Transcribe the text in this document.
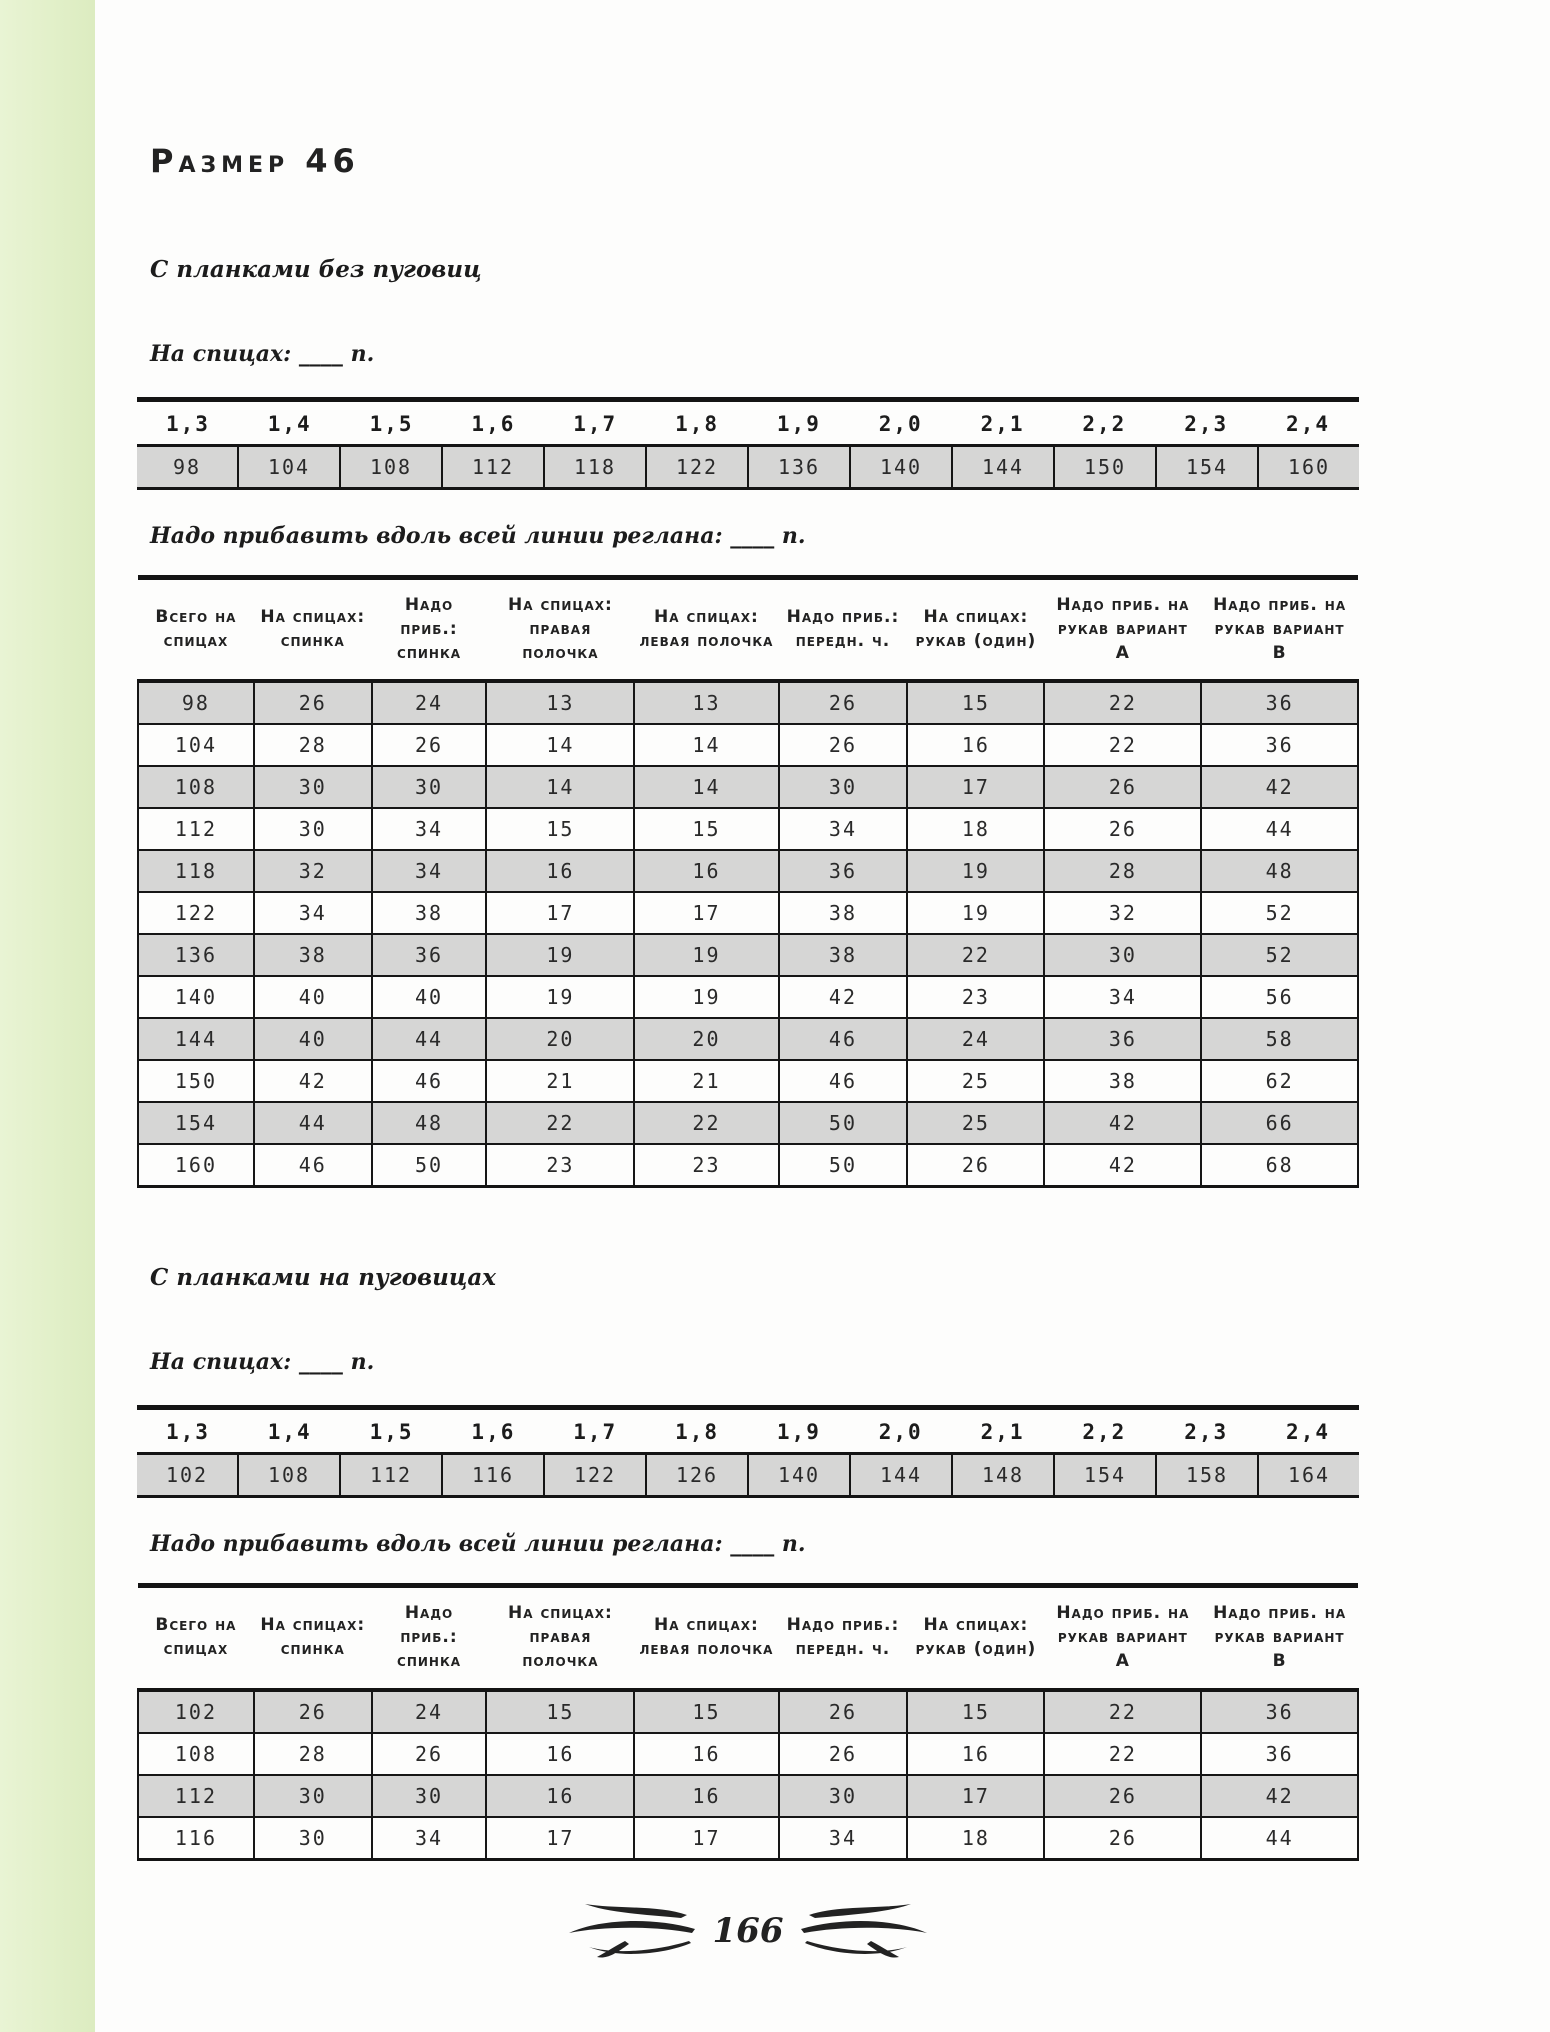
Размер 46
С планками без пуговиц
На спицах: ____ п.
1,3	1,4	1,5	1,6	1,7	1,8	1,9	2,0	2,1	2,2	2,3	2,4
98	104	108	112	118	122	136	140	144	150	154	160
Надо прибавить вдоль всей линии реглана: ____ п.
Всего на спицах	На спицах: спинка	Надо приб.: спинка	На спицах: правая полочка	На спицах: левая полочка	Надо приб.: передн. ч.	На спицах: рукав (один)	Надо приб. на рукав вариант А	Надо приб. на рукав вариант В
98	26	24	13	13	26	15	22	36
104	28	26	14	14	26	16	22	36
108	30	30	14	14	30	17	26	42
112	30	34	15	15	34	18	26	44
118	32	34	16	16	36	19	28	48
122	34	38	17	17	38	19	32	52
136	38	36	19	19	38	22	30	52
140	40	40	19	19	42	23	34	56
144	40	44	20	20	46	24	36	58
150	42	46	21	21	46	25	38	62
154	44	48	22	22	50	25	42	66
160	46	50	23	23	50	26	42	68
С планками на пуговицах
На спицах: ____ п.
1,3	1,4	1,5	1,6	1,7	1,8	1,9	2,0	2,1	2,2	2,3	2,4
102	108	112	116	122	126	140	144	148	154	158	164
Надо прибавить вдоль всей линии реглана: ____ п.
Всего на спицах	На спицах: спинка	Надо приб.: спинка	На спицах: правая полочка	На спицах: левая полочка	Надо приб.: передн. ч.	На спицах: рукав (один)	Надо приб. на рукав вариант А	Надо приб. на рукав вариант В
102	26	24	15	15	26	15	22	36
108	28	26	16	16	26	16	22	36
112	30	30	16	16	30	17	26	42
116	30	34	17	17	34	18	26	44
166
